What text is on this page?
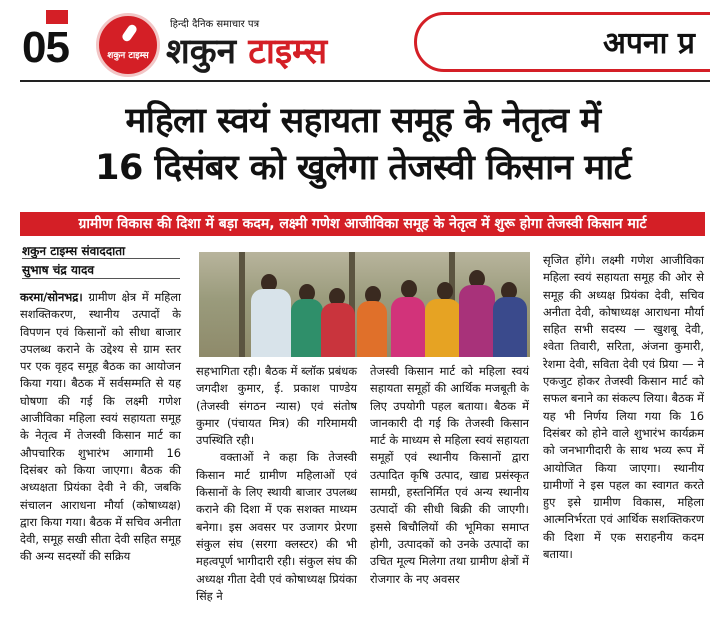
05	शकुन टाइम्स
हिन्दी दैनिक समाचार पत्र
शकुन टाइम्स	अपना प्र
महिला स्वयं सहायता समूह के नेतृत्व में
16 दिसंबर को खुलेगा तेजस्वी किसान मार्ट
ग्रामीण विकास की दिशा में बड़ा कदम, लक्ष्मी गणेश आजीविका समूह के नेतृत्व में शुरू होगा तेजस्वी किसान मार्ट
शकुन टाइम्स संवाददाता
सुभाष चंद्र यादव

करमा/सोनभद्र। ग्रामीण क्षेत्र में महिला सशक्तिकरण, स्थानीय उत्पादों के विपणन एवं किसानों को सीधा बाजार उपलब्ध कराने के उद्देश्य से ग्राम स्तर पर एक वृहद समूह बैठक का आयोजन किया गया। बैठक में सर्वसम्मति से यह घोषणा की गई कि लक्ष्मी गणेश आजीविका महिला स्वयं सहायता समूह के नेतृत्व में तेजस्वी किसान मार्ट का औपचारिक शुभारंभ आगामी 16 दिसंबर को किया जाएगा। बैठक की अध्यक्षता प्रियंका देवी ने की, जबकि संचालन आराधना मौर्या (कोषाध्यक्ष) द्वारा किया गया। बैठक में सचिव अनीता देवी, समूह सखी सीता देवी सहित समूह की अन्य सदस्यों की सक्रिय

सहभागिता रही। बैठक में ब्लॉक प्रबंधक जगदीश कुमार, ई. प्रकाश पाण्डेय (तेजस्वी संगठन न्यास) एवं संतोष कुमार (पंचायत मित्र) की गरिमामयी उपस्थिति रही।

वक्ताओं ने कहा कि तेजस्वी किसान मार्ट ग्रामीण महिलाओं एवं किसानों के लिए स्थायी बाजार उपलब्ध कराने की दिशा में एक सशक्त माध्यम बनेगा। इस अवसर पर उजागर प्रेरणा संकुल संघ (सरगा क्लस्टर) की भी महत्वपूर्ण भागीदारी रही। संकुल संघ की अध्यक्ष गीता देवी एवं कोषाध्यक्ष प्रियंका सिंह ने

तेजस्वी किसान मार्ट को महिला स्वयं सहायता समूहों की आर्थिक मजबूती के लिए उपयोगी पहल बताया। बैठक में जानकारी दी गई कि तेजस्वी किसान मार्ट के माध्यम से महिला स्वयं सहायता समूहों एवं स्थानीय किसानों द्वारा उत्पादित कृषि उत्पाद, खाद्य प्रसंस्कृत सामग्री, हस्तनिर्मित एवं अन्य स्थानीय उत्पादों की सीधी बिक्री की जाएगी। इससे बिचौलियों की भूमिका समाप्त होगी, उत्पादकों को उनके उत्पादों का उचित मूल्य मिलेगा तथा ग्रामीण क्षेत्रों में रोजगार के नए अवसर

सृजित होंगे। लक्ष्मी गणेश आजीविका महिला स्वयं सहायता समूह की ओर से समूह की अध्यक्ष प्रियंका देवी, सचिव अनीता देवी, कोषाध्यक्ष आराधना मौर्या सहित सभी सदस्य — खुशबू देवी, श्वेता तिवारी, सरिता, अंजना कुमारी, रेशमा देवी, सविता देवी एवं प्रिया — ने एकजुट होकर तेजस्वी किसान मार्ट को सफल बनाने का संकल्प लिया। बैठक में यह भी निर्णय लिया गया कि 16 दिसंबर को होने वाले शुभारंभ कार्यक्रम को जनभागीदारी के साथ भव्य रूप में आयोजित किया जाएगा। स्थानीय ग्रामीणों ने इस पहल का स्वागत करते हुए इसे ग्रामीण विकास, महिला आत्मनिर्भरता एवं आर्थिक सशक्तिकरण की दिशा में एक सराहनीय कदम बताया।
